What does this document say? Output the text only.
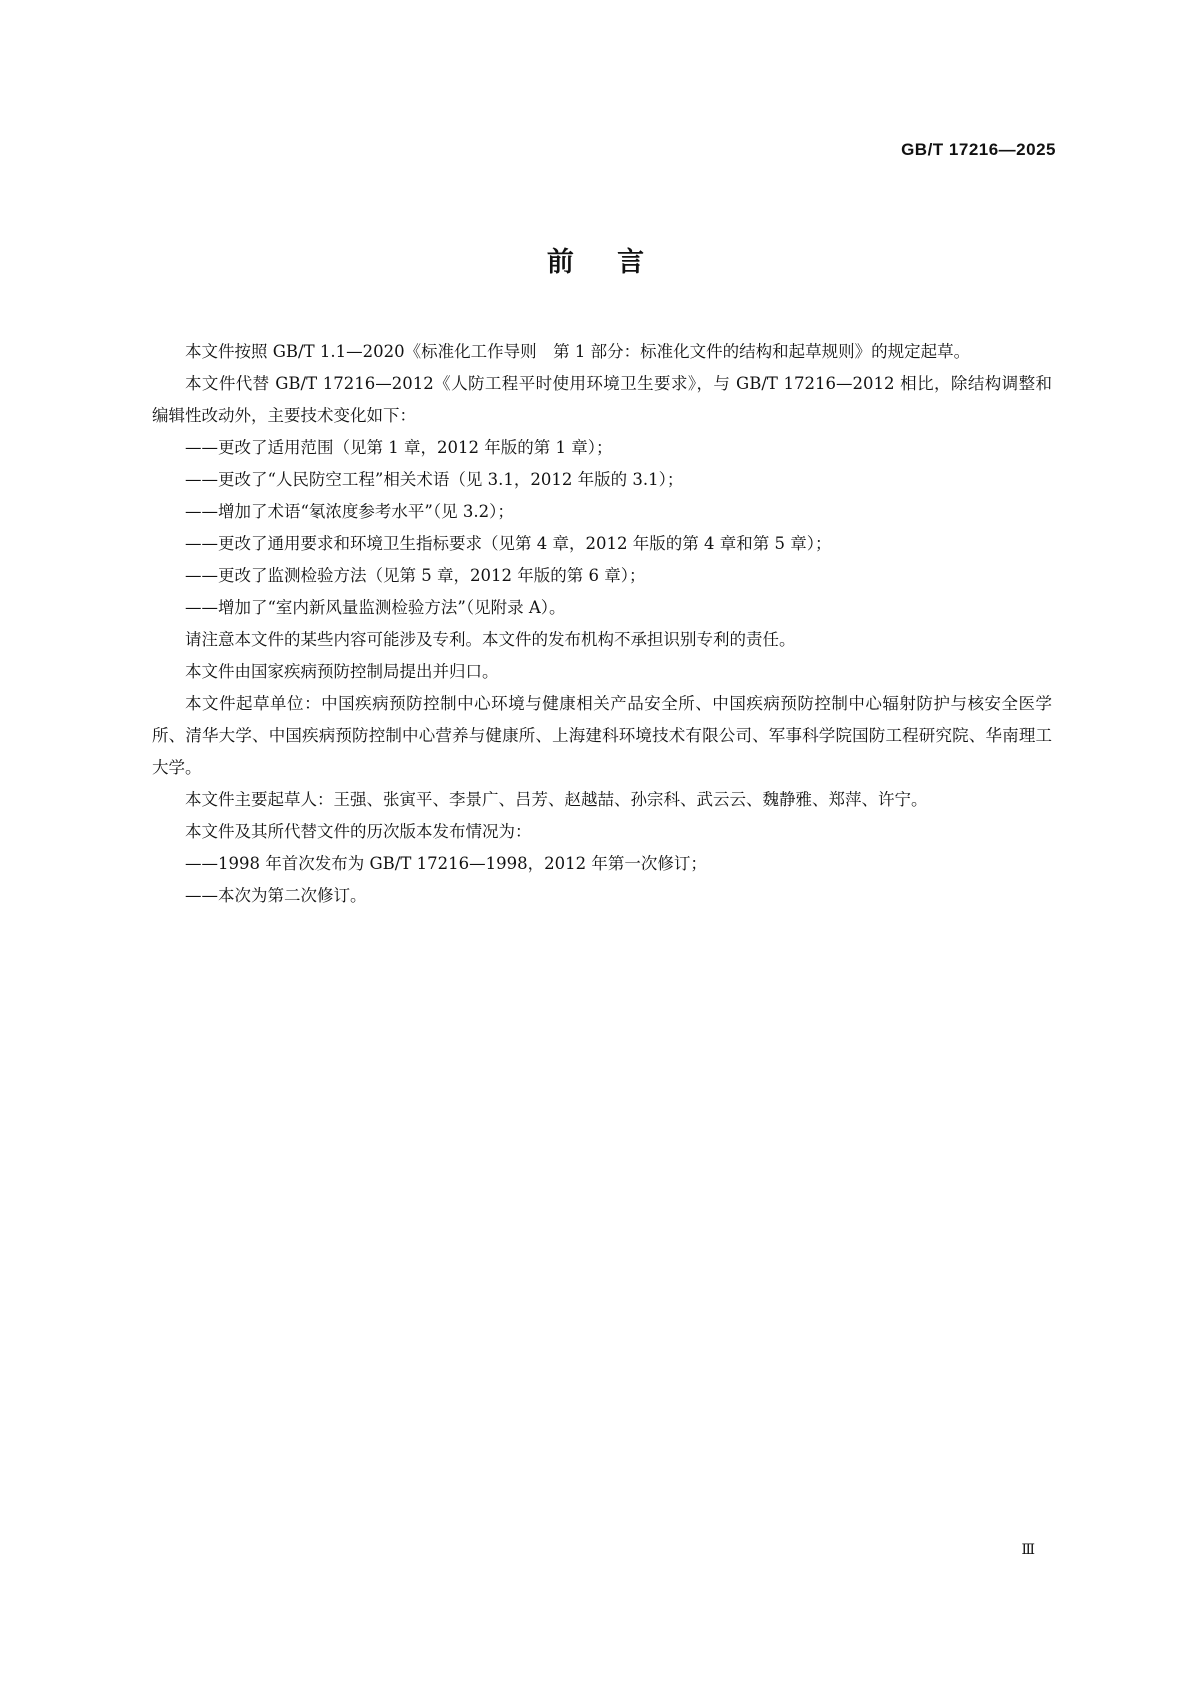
GB/T 17216—2025
前言

本文件按照 GB/T 1.1—2020《标准化工作导则　第 1 部分：标准化文件的结构和起草规则》的规定起草。

本文件代替 GB/T 17216—2012《人防工程平时使用环境卫生要求》，与 GB/T 17216—2012 相比，除结构调整和编辑性改动外，主要技术变化如下：

——更改了适用范围（见第 1 章，2012 年版的第 1 章）；

——更改了“人民防空工程”相关术语（见 3.1，2012 年版的 3.1）；

——增加了术语“氡浓度参考水平”（见 3.2）；

——更改了通用要求和环境卫生指标要求（见第 4 章，2012 年版的第 4 章和第 5 章）；

——更改了监测检验方法（见第 5 章，2012 年版的第 6 章）；

——增加了“室内新风量监测检验方法”（见附录 A）。

请注意本文件的某些内容可能涉及专利。本文件的发布机构不承担识别专利的责任。

本文件由国家疾病预防控制局提出并归口。

本文件起草单位：中国疾病预防控制中心环境与健康相关产品安全所、中国疾病预防控制中心辐射防护与核安全医学所、清华大学、中国疾病预防控制中心营养与健康所、上海建科环境技术有限公司、军事科学院国防工程研究院、华南理工大学。

本文件主要起草人：王强、张寅平、李景广、吕芳、赵越喆、孙宗科、武云云、魏静雅、郑萍、许宁。

本文件及其所代替文件的历次版本发布情况为：

——1998 年首次发布为 GB/T 17216—1998，2012 年第一次修订；

——本次为第二次修订。

Ⅲ
